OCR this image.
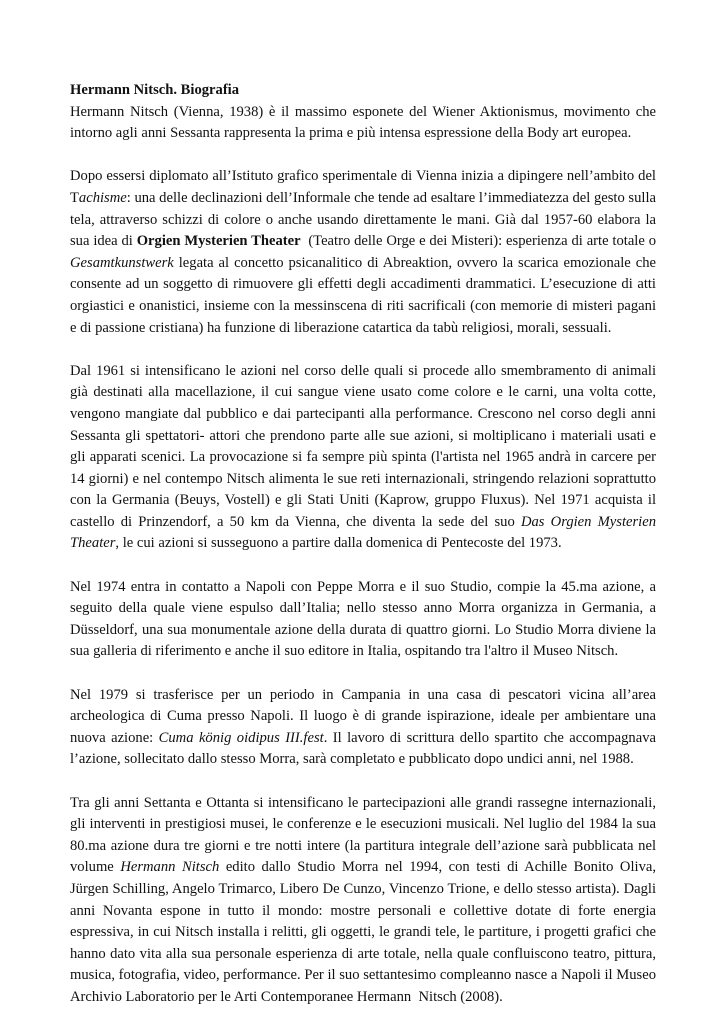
Hermann Nitsch. Biografia

Hermann Nitsch (Vienna, 1938) è il massimo esponete del Wiener Aktionismus, movimento che intorno agli anni Sessanta rappresenta la prima e più intensa espressione della Body art europea.

Dopo essersi diplomato all’Istituto grafico sperimentale di Vienna inizia a dipingere nell’ambito del Tachisme: una delle declinazioni dell’Informale che tende ad esaltare l’immediatezza del gesto sulla tela, attraverso schizzi di colore o anche usando direttamente le mani. Già dal 1957-60 elabora la sua idea di Orgien Mysterien Theater  (Teatro delle Orge e dei Misteri): esperienza di arte totale o Gesamtkunstwerk legata al concetto psicanalitico di Abreaktion, ovvero la scarica emozionale che consente ad un soggetto di rimuovere gli effetti degli accadimenti drammatici. L’esecuzione di atti orgiastici e onanistici, insieme con la messinscena di riti sacrificali (con memorie di misteri pagani e di passione cristiana) ha funzione di liberazione catartica da tabù religiosi, morali, sessuali.

Dal 1961 si intensificano le azioni nel corso delle quali si procede allo smembramento di animali già destinati alla macellazione, il cui sangue viene usato come colore e le carni, una volta cotte, vengono mangiate dal pubblico e dai partecipanti alla performance. Crescono nel corso degli anni Sessanta gli spettatori- attori che prendono parte alle sue azioni, si moltiplicano i materiali usati e gli apparati scenici. La provocazione si fa sempre più spinta (l'artista nel 1965 andrà in carcere per 14 giorni) e nel contempo Nitsch alimenta le sue reti internazionali, stringendo relazioni soprattutto con la Germania (Beuys, Vostell) e gli Stati Uniti (Kaprow, gruppo Fluxus). Nel 1971 acquista il castello di Prinzendorf, a 50 km da Vienna, che diventa la sede del suo Das Orgien Mysterien Theater, le cui azioni si susseguono a partire dalla domenica di Pentecoste del 1973.

Nel 1974 entra in contatto a Napoli con Peppe Morra e il suo Studio, compie la 45.ma azione, a seguito della quale viene espulso dall’Italia; nello stesso anno Morra organizza in Germania, a Düsseldorf, una sua monumentale azione della durata di quattro giorni. Lo Studio Morra diviene la sua galleria di riferimento e anche il suo editore in Italia, ospitando tra l'altro il Museo Nitsch.

Nel 1979 si trasferisce per un periodo in Campania in una casa di pescatori vicina all’area archeologica di Cuma presso Napoli. Il luogo è di grande ispirazione, ideale per ambientare una nuova azione: Cuma könig oidipus III.fest. Il lavoro di scrittura dello spartito che accompagnava l’azione, sollecitato dallo stesso Morra, sarà completato e pubblicato dopo undici anni, nel 1988.

Tra gli anni Settanta e Ottanta si intensificano le partecipazioni alle grandi rassegne internazionali, gli interventi in prestigiosi musei, le conferenze e le esecuzioni musicali. Nel luglio del 1984 la sua 80.ma azione dura tre giorni e tre notti intere (la partitura integrale dell’azione sarà pubblicata nel volume Hermann Nitsch edito dallo Studio Morra nel 1994, con testi di Achille Bonito Oliva, Jürgen Schilling, Angelo Trimarco, Libero De Cunzo, Vincenzo Trione, e dello stesso artista). Dagli anni Novanta espone in tutto il mondo: mostre personali e collettive dotate di forte energia espressiva, in cui Nitsch installa i relitti, gli oggetti, le grandi tele, le partiture, i progetti grafici che hanno dato vita alla sua personale esperienza di arte totale, nella quale confluiscono teatro, pittura, musica, fotografia, video, performance. Per il suo settantesimo compleanno nasce a Napoli il Museo Archivio Laboratorio per le Arti Contemporanee Hermann  Nitsch (2008).
